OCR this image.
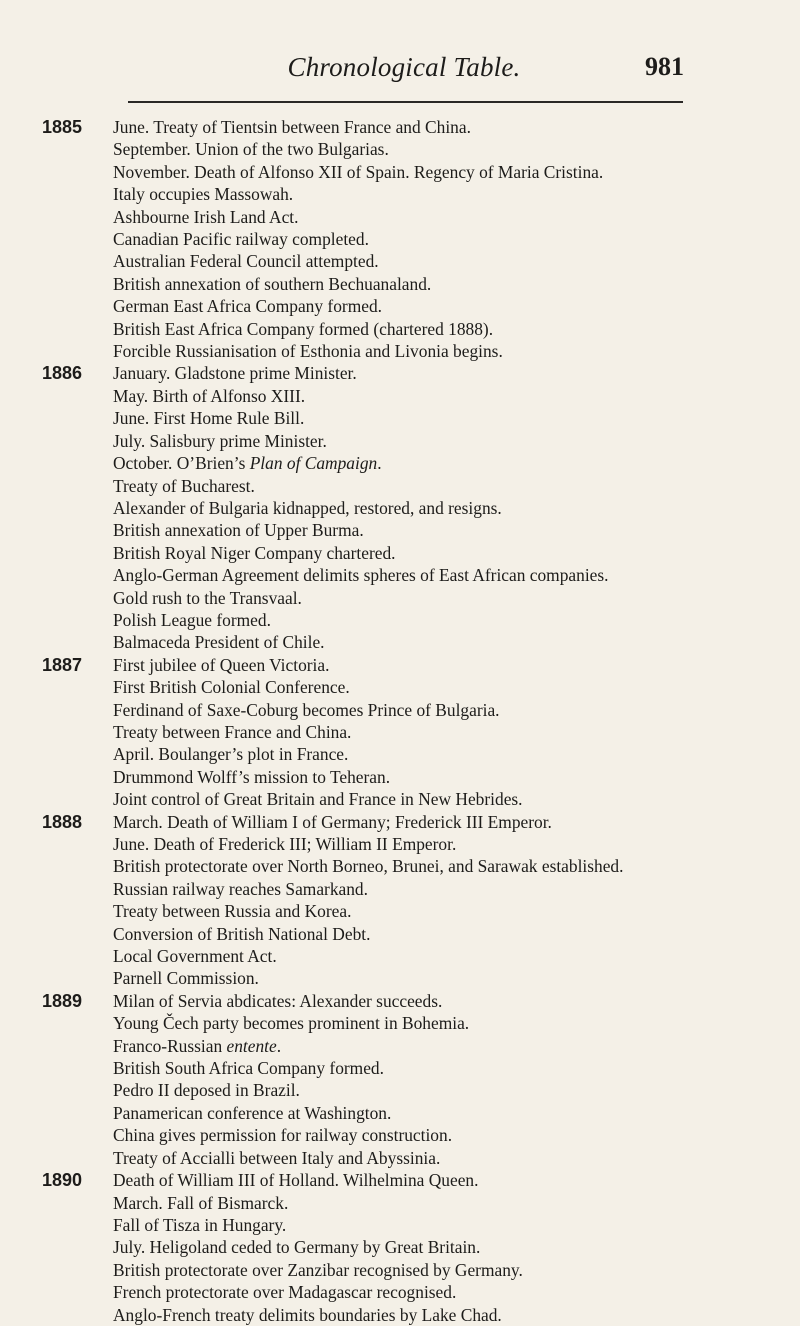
Chronological Table.	981
1885	June. Treaty of Tientsin between France and China.
September. Union of the two Bulgarias.
November. Death of Alfonso XII of Spain. Regency of Maria Cristina.
Italy occupies Massowah.
Ashbourne Irish Land Act.
Canadian Pacific railway completed.
Australian Federal Council attempted.
British annexation of southern Bechuanaland.
German East Africa Company formed.
British East Africa Company formed (chartered 1888).
Forcible Russianisation of Esthonia and Livonia begins.
1886	January. Gladstone prime Minister.
May. Birth of Alfonso XIII.
June. First Home Rule Bill.
July. Salisbury prime Minister.
October. O’Brien’s Plan of Campaign.
Treaty of Bucharest.
Alexander of Bulgaria kidnapped, restored, and resigns.
British annexation of Upper Burma.
British Royal Niger Company chartered.
Anglo-German Agreement delimits spheres of East African companies.
Gold rush to the Transvaal.
Polish League formed.
Balmaceda President of Chile.
1887	First jubilee of Queen Victoria.
First British Colonial Conference.
Ferdinand of Saxe-Coburg becomes Prince of Bulgaria.
Treaty between France and China.
April. Boulanger’s plot in France.
Drummond Wolff’s mission to Teheran.
Joint control of Great Britain and France in New Hebrides.
1888	March. Death of William I of Germany; Frederick III Emperor.
June. Death of Frederick III; William II Emperor.
British protectorate over North Borneo, Brunei, and Sarawak established.
Russian railway reaches Samarkand.
Treaty between Russia and Korea.
Conversion of British National Debt.
Local Government Act.
Parnell Commission.
1889	Milan of Servia abdicates: Alexander succeeds.
Young Čech party becomes prominent in Bohemia.
Franco-Russian entente.
British South Africa Company formed.
Pedro II deposed in Brazil.
Panamerican conference at Washington.
China gives permission for railway construction.
Treaty of Accialli between Italy and Abyssinia.
1890	Death of William III of Holland. Wilhelmina Queen.
March. Fall of Bismarck.
Fall of Tisza in Hungary.
July. Heligoland ceded to Germany by Great Britain.
British protectorate over Zanzibar recognised by Germany.
French protectorate over Madagascar recognised.
Anglo-French treaty delimits boundaries by Lake Chad.
